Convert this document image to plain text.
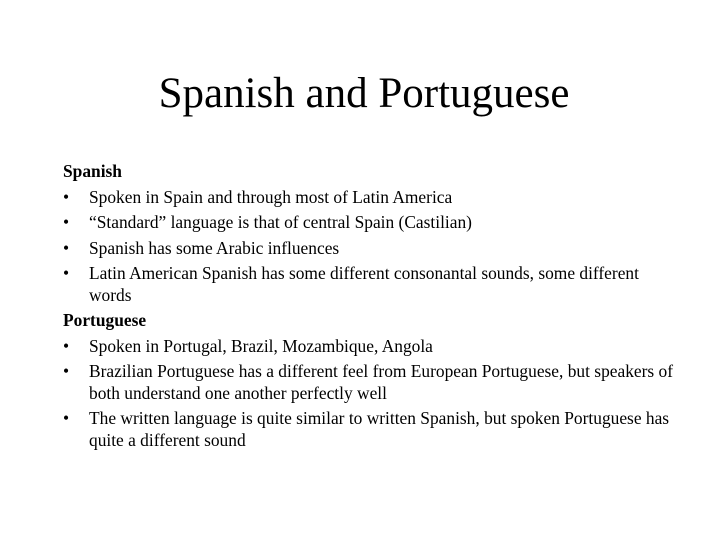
Spanish and Portuguese
Spanish
•	Spoken in Spain and through most of Latin America
•	“Standard” language is that of central Spain (Castilian)
•	Spanish has some Arabic influences
•	Latin American Spanish has some different consonantal sounds, some different words
Portuguese
•	Spoken in Portugal, Brazil, Mozambique, Angola
•	Brazilian Portuguese has a different feel from European Portuguese, but speakers of both understand one another perfectly well
•	The written language is quite similar to written Spanish, but spoken Portuguese has quite a different sound
